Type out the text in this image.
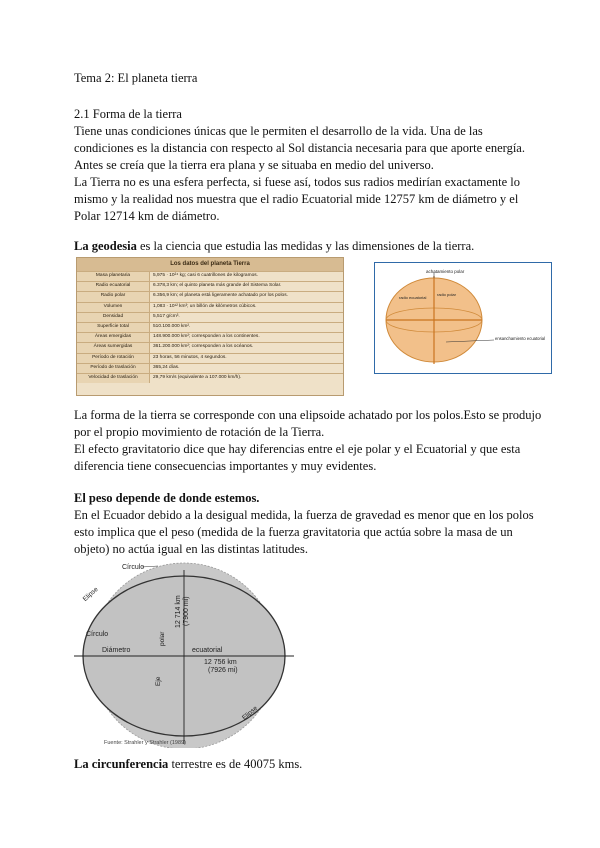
Tema 2: El planeta tierra

2.1 Forma de la tierra

Tiene unas condiciones únicas que le permiten el desarrollo de la vida. Una de las

condiciones es la distancia con respecto al Sol distancia necesaria para que aporte energía.

Antes se creía que la tierra era plana y se situaba en medio del universo.

La Tierra no es una esfera perfecta, si fuese así, todos sus radios medirían exactamente lo

mismo y la realidad nos muestra que el radio Ecuatorial mide 12757 km de diámetro y el

Polar 12714 km de diámetro.

La geodesia es la ciencia que estudia las medidas y las dimensiones de la tierra.

Los datos del planeta Tierra
Masa planetaria	5,975 · 10²⁴ kg; casi 6 cuatrillones de kilogramos.
Radio ecuatorial	6.378,3 km; el quinto planeta más grande del Sistema Solar.
Radio polar	6.356,9 km; el planeta está ligeramente achatado por los polos.
Volumen	1,083 · 10¹² km³; un billón de kilómetros cúbicos.
Densidad	5,517 g/cm³.
Superficie total	510.100.000 km².
Áreas emergidas	148.900.000 km²; corresponden a los continentes.
Áreas sumergidas	361.200.000 km²; corresponden a los océanos.
Período de rotación	23 horas, 56 minutos, 4 segundos.
Período de traslación	365,24 días.
Velocidad de traslación	29,79 km/s (equivalente a 107.000 km/h).
achatamiento polar
radio ecuatorial
radio polar
ensanchamiento ecuatorial

La forma de la tierra se corresponde con una elipsoide achatado por los polos.Esto se produjo

por el propio movimiento de rotación de la Tierra.

El efecto gravitatorio dice que hay diferencias entre el eje polar y el Ecuatorial y que esta

diferencia tiene consecuencias importantes y muy evidentes.

El peso depende de donde estemos.

En el Ecuador debido a la desigual medida, la fuerza de gravedad es menor que en los polos

esto implica que el peso (medida de la fuerza gravitatoria que actúa sobre la masa de un

objeto) no actúa igual en las distintas latitudes.

Círculo
Elipse
Círculo
Diámetro
polar
Eje
12 714 km (7900 mi)
ecuatorial
12 756 km
(7926 mi)
Elipse
Fuente: Strahler y Strahler (1989)

La circunferencia terrestre es de 40075 kms.
